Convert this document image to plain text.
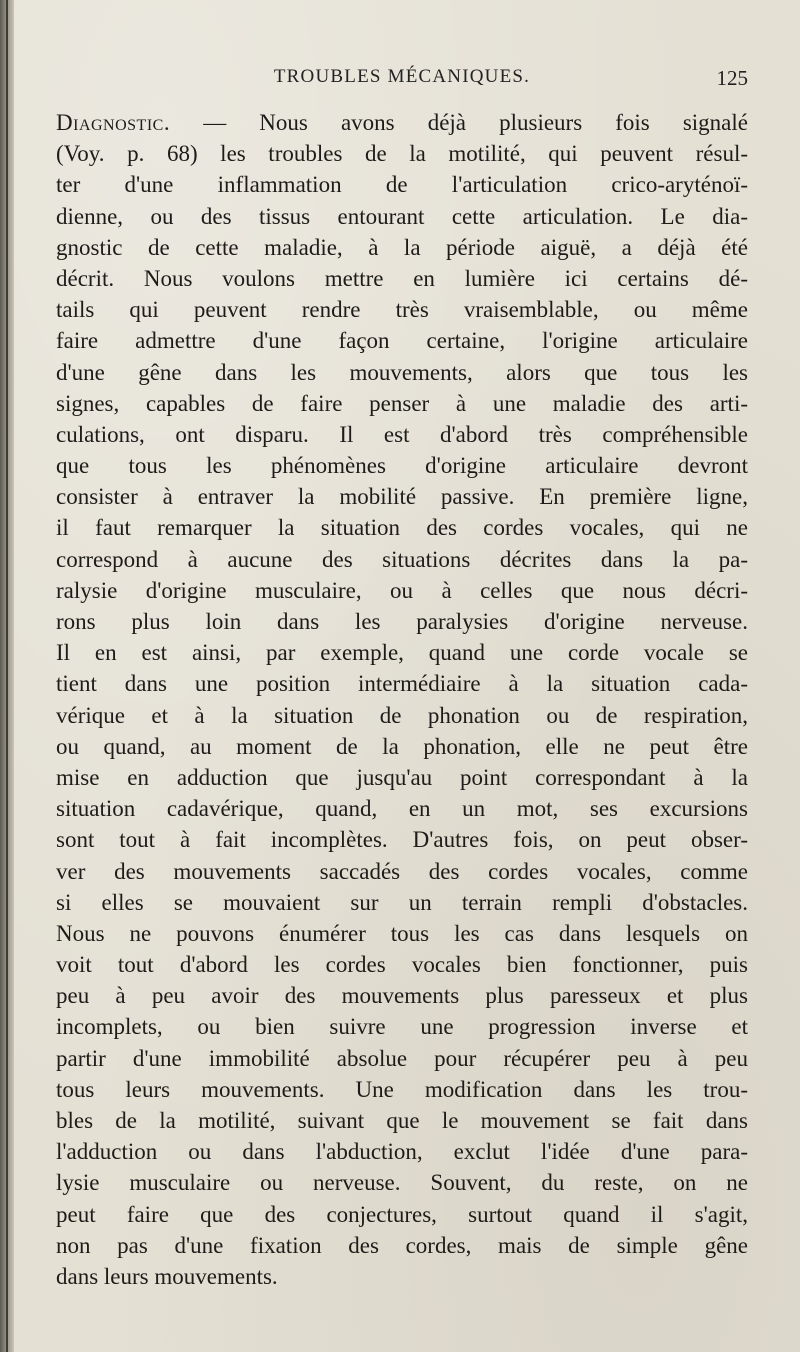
TROUBLES MÉCANIQUES.	125
Diagnostic. — Nous avons déjà plusieurs fois signalé
(Voy. p. 68) les troubles de la motilité, qui peuvent résul-
ter d'une inflammation de l'articulation crico-aryténoï-
dienne, ou des tissus entourant cette articulation. Le dia-
gnostic de cette maladie, à la période aiguë, a déjà été
décrit. Nous voulons mettre en lumière ici certains dé-
tails qui peuvent rendre très vraisemblable, ou même
faire admettre d'une façon certaine, l'origine articulaire
d'une gêne dans les mouvements, alors que tous les
signes, capables de faire penser à une maladie des arti-
culations, ont disparu. Il est d'abord très compréhensible
que tous les phénomènes d'origine articulaire devront
consister à entraver la mobilité passive. En première ligne,
il faut remarquer la situation des cordes vocales, qui ne
correspond à aucune des situations décrites dans la pa-
ralysie d'origine musculaire, ou à celles que nous décri-
rons plus loin dans les paralysies d'origine nerveuse.
Il en est ainsi, par exemple, quand une corde vocale se
tient dans une position intermédiaire à la situation cada-
vérique et à la situation de phonation ou de respiration,
ou quand, au moment de la phonation, elle ne peut être
mise en adduction que jusqu'au point correspondant à la
situation cadavérique, quand, en un mot, ses excursions
sont tout à fait incomplètes. D'autres fois, on peut obser-
ver des mouvements saccadés des cordes vocales, comme
si elles se mouvaient sur un terrain rempli d'obstacles.
Nous ne pouvons énumérer tous les cas dans lesquels on
voit tout d'abord les cordes vocales bien fonctionner, puis
peu à peu avoir des mouvements plus paresseux et plus
incomplets, ou bien suivre une progression inverse et
partir d'une immobilité absolue pour récupérer peu à peu
tous leurs mouvements. Une modification dans les trou-
bles de la motilité, suivant que le mouvement se fait dans
l'adduction ou dans l'abduction, exclut l'idée d'une para-
lysie musculaire ou nerveuse. Souvent, du reste, on ne
peut faire que des conjectures, surtout quand il s'agit,
non pas d'une fixation des cordes, mais de simple gêne
dans leurs mouvements.
